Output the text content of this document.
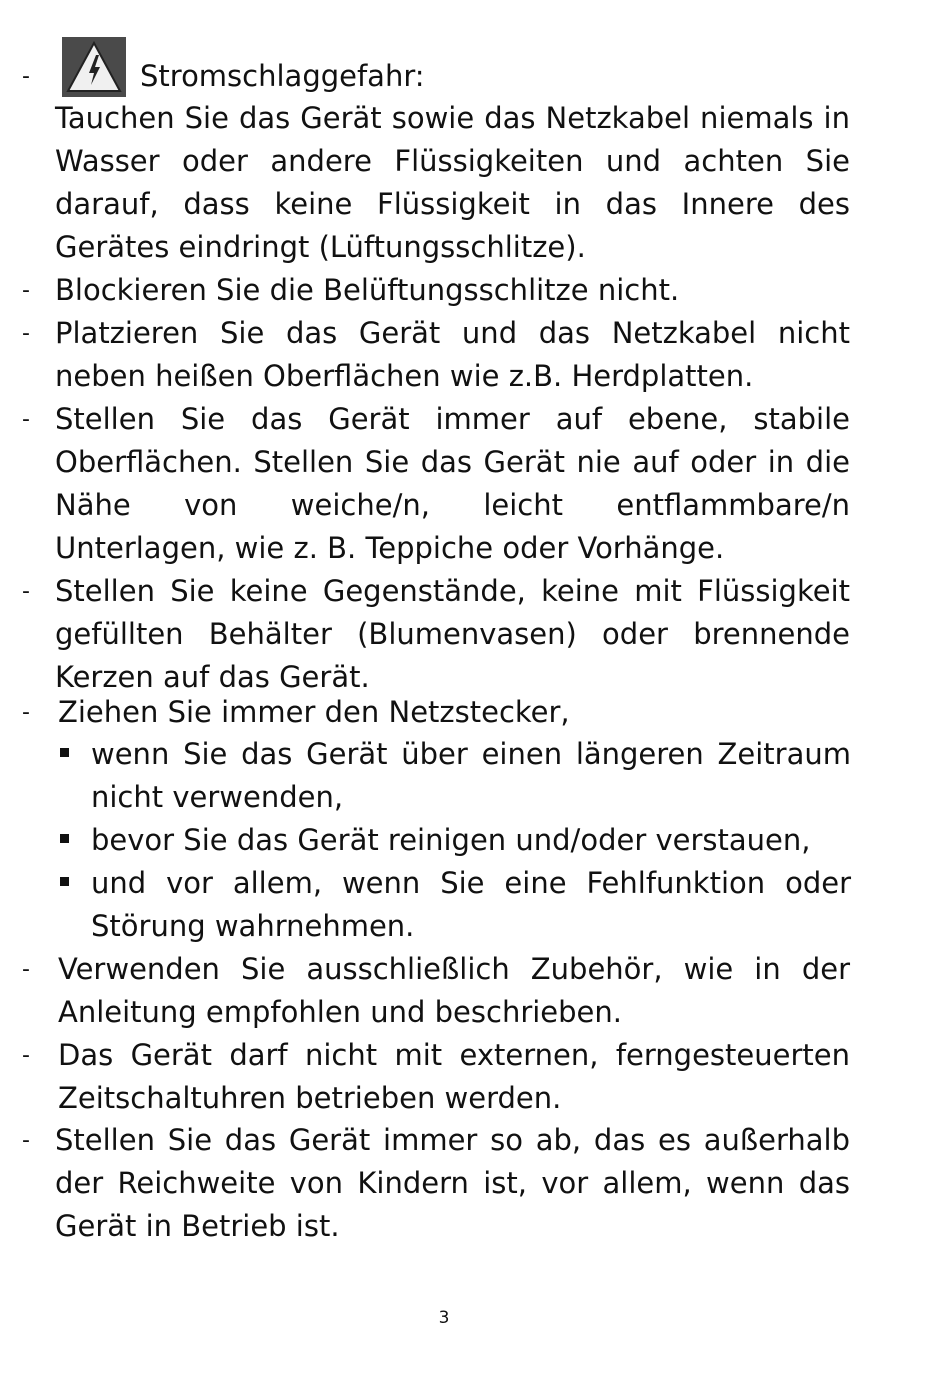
-	Stromschlaggefahr:
Tauchen Sie das Gerät sowie das Netzkabel niemals in Wasser oder andere Flüssigkeiten und achten Sie darauf, dass keine Flüssigkeit in das Innere des Gerätes eindringt (Lüftungsschlitze).
- Blockieren Sie die Belüftungsschlitze nicht.
- Platzieren Sie das Gerät und das Netzkabel nicht neben heißen Oberflächen wie z.B. Herdplatten.
- Stellen Sie das Gerät immer auf ebene, stabile Oberflächen. Stellen Sie das Gerät nie auf oder in die Nähe von weiche/n, leicht entflammbare/n Unterlagen, wie z. B. Teppiche oder Vorhänge.
- Stellen Sie keine Gegenstände, keine mit Flüssigkeit gefüllten Behälter (Blumenvasen) oder brennende Kerzen auf das Gerät.
- Ziehen Sie immer den Netzstecker,
wenn Sie das Gerät über einen längeren Zeitraum nicht verwenden,
bevor Sie das Gerät reinigen und/oder verstauen,
und vor allem, wenn Sie eine Fehlfunktion oder Störung wahrnehmen.
- Verwenden Sie ausschließlich Zubehör, wie in der Anleitung empfohlen und beschrieben.
- Das Gerät darf nicht mit externen, ferngesteuerten Zeitschaltuhren betrieben werden.
- Stellen Sie das Gerät immer so ab, das es außerhalb der Reichweite von Kindern ist, vor allem, wenn das Gerät in Betrieb ist.
3
